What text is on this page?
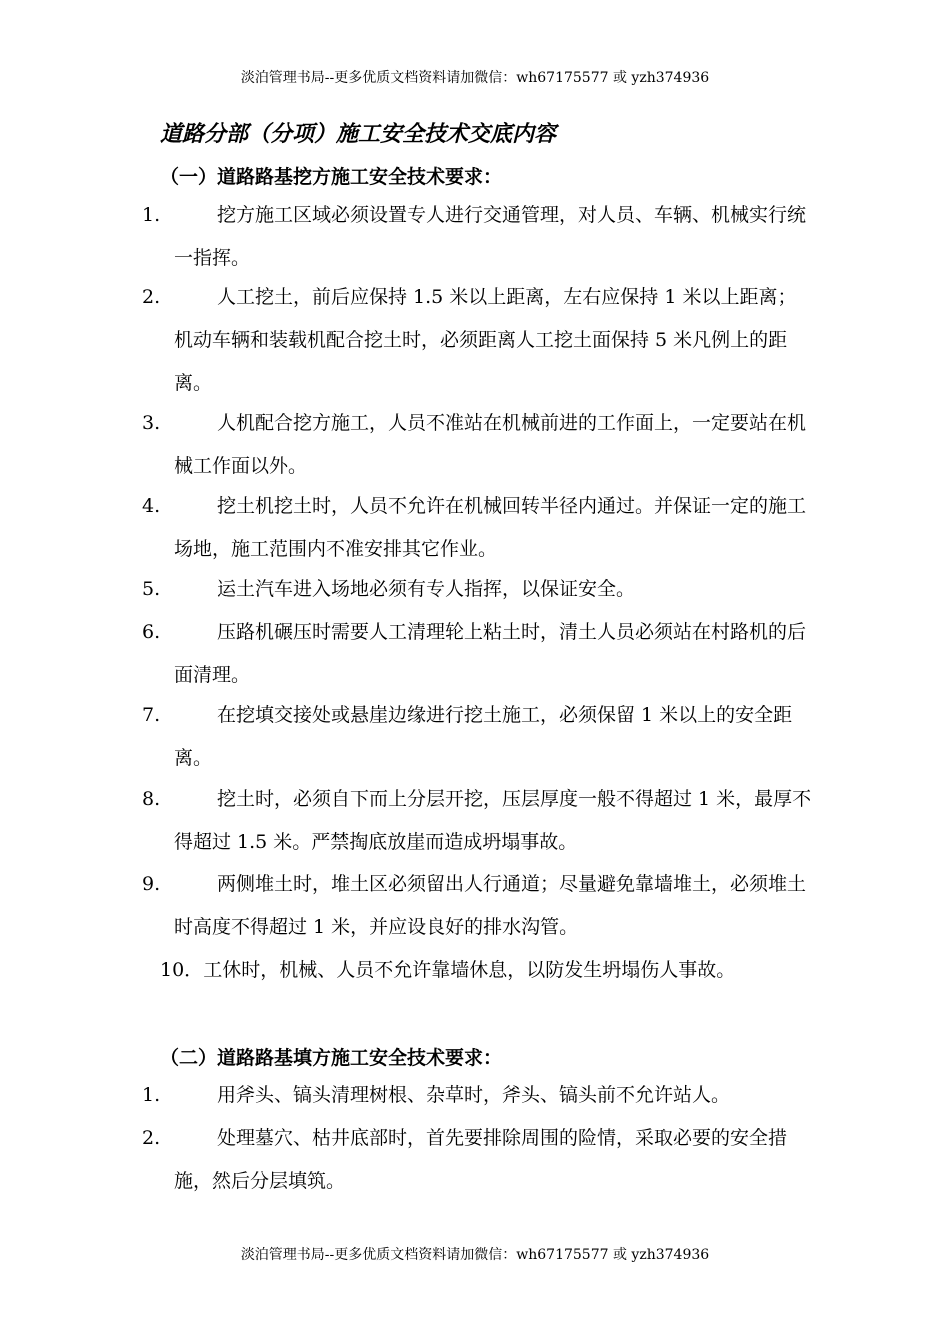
淡泊管理书局--更多优质文档资料请加微信：wh67175577 或 yzh374936
道路分部（分项）施工安全技术交底内容
（一）道路路基挖方施工安全技术要求：
1.	挖方施工区域必须设置专人进行交通管理，对人员、车辆、机械实行统一指挥。
2.	人工挖土，前后应保持 1.5 米以上距离，左右应保持 1 米以上距离；机动车辆和装载机配合挖土时，必须距离人工挖土面保持 5 米凡例上的距离。
3.	人机配合挖方施工，人员不准站在机械前进的工作面上，一定要站在机械工作面以外。
4.	挖土机挖土时，人员不允许在机械回转半径内通过。并保证一定的施工场地，施工范围内不准安排其它作业。
5.	运土汽车进入场地必须有专人指挥，以保证安全。
6.	压路机碾压时需要人工清理轮上粘土时，清土人员必须站在村路机的后面清理。
7.	在挖填交接处或悬崖边缘进行挖土施工，必须保留 1 米以上的安全距离。
8.	挖土时，必须自下而上分层开挖，压层厚度一般不得超过 1 米，最厚不得超过 1.5 米。严禁掏底放崖而造成坍塌事故。
9.	两侧堆土时，堆土区必须留出人行通道；尽量避免靠墙堆土，必须堆土时高度不得超过 1 米，并应设良好的排水沟管。
10．工休时，机械、人员不允许靠墙休息，以防发生坍塌伤人事故。
（二）道路路基填方施工安全技术要求：
1.	用斧头、镐头清理树根、杂草时，斧头、镐头前不允许站人。
2.	处理墓穴、枯井底部时，首先要排除周围的险情，采取必要的安全措施，然后分层填筑。
淡泊管理书局--更多优质文档资料请加微信：wh67175577 或 yzh374936
